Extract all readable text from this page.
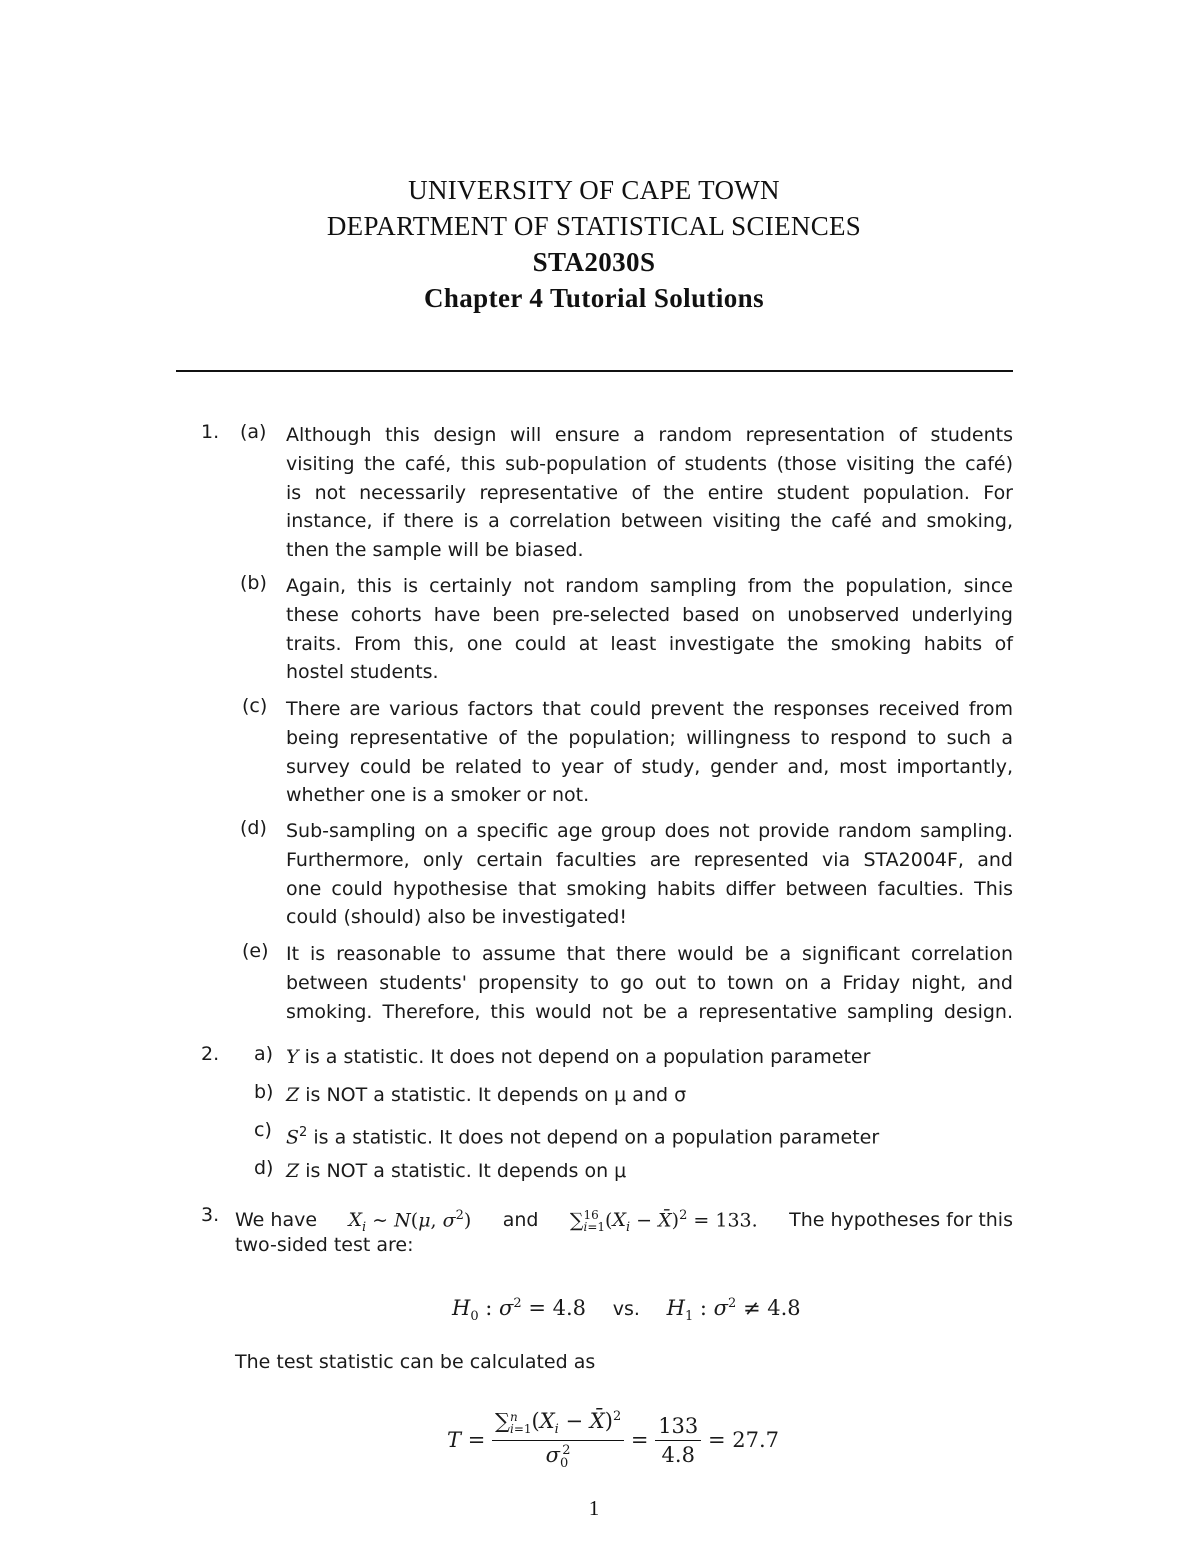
UNIVERSITY OF CAPE TOWN
DEPARTMENT OF STATISTICAL SCIENCES
STA2030S
Chapter 4 Tutorial Solutions
1. (a) Although this design will ensure a random representation of students
visiting the café, this sub-population of students (those visiting the café)
is not necessarily representative of the entire student population. For
instance, if there is a correlation between visiting the café and smoking,
then the sample will be biased.
(b) Again, this is certainly not random sampling from the population, since
these cohorts have been pre-selected based on unobserved underlying
traits. From this, one could at least investigate the smoking habits of
hostel students.
(c) There are various factors that could prevent the responses received from
being representative of the population; willingness to respond to such a
survey could be related to year of study, gender and, most importantly,
whether one is a smoker or not.
(d) Sub-sampling on a specific age group does not provide random sampling.
Furthermore, only certain faculties are represented via STA2004F, and
one could hypothesise that smoking habits differ between faculties. This
could (should) also be investigated!
(e) It is reasonable to assume that there would be a significant correlation
between students' propensity to go out to town on a Friday night, and
smoking. Therefore, this would not be a representative sampling design.
2. a) Y is a statistic. It does not depend on a population parameter
b) Z is NOT a statistic. It depends on μ and σ
c) $S^2$ is a statistic. It does not depend on a population parameter
d) Z is NOT a statistic. It depends on μ
3. We have $X_i$ ∼ N(μ, $\sigma^2$) and ∑ 16
i=1 ($X_i$ − X̄)$^2$ = 133. The hypotheses for this
two-sided test are:
$H_0$ : $\sigma^2 = 4.8$ vs. $H_1$ : $\sigma^2 \ne 4.8$
The test statistic can be calculated as
T = ∑ n
i=1 ($X_i$ − X̄)$^2$
$\sigma_0^2 = \frac{133}{4.8} = 27.7$
1
